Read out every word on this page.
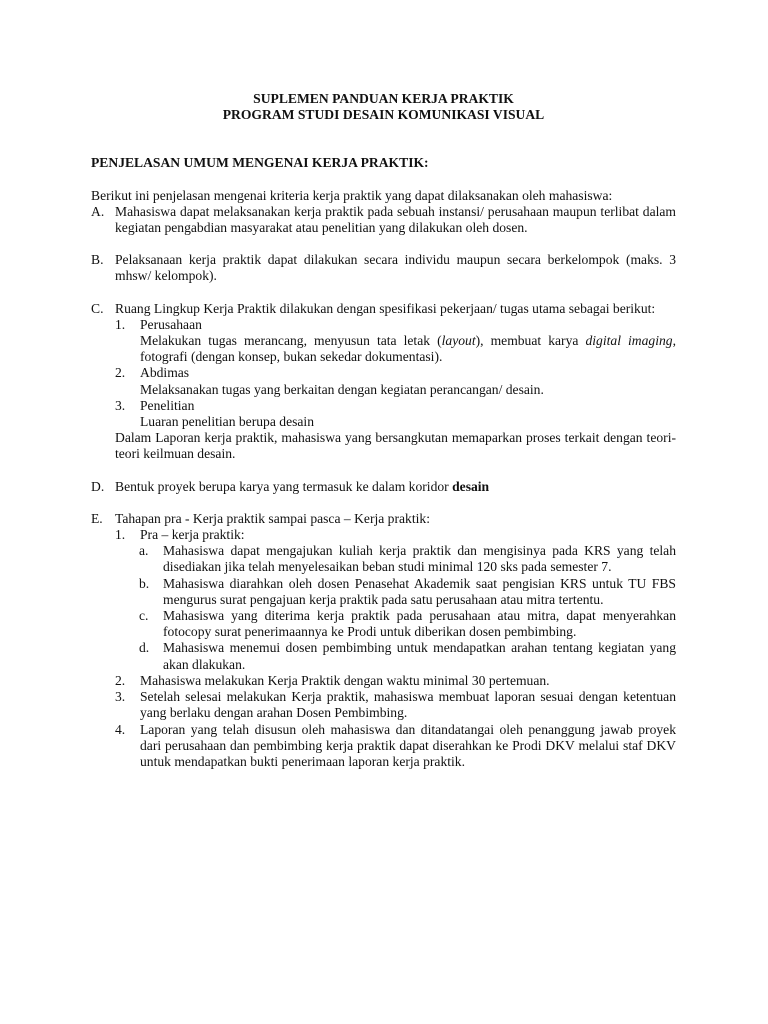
SUPLEMEN PANDUAN KERJA PRAKTIK

PROGRAM STUDI DESAIN KOMUNIKASI VISUAL

PENJELASAN UMUM MENGENAI KERJA PRAKTIK:

Berikut ini penjelasan mengenai kriteria kerja praktik yang dapat dilaksanakan oleh mahasiswa:

A. Mahasiswa dapat melaksanakan kerja praktik pada sebuah instansi/ perusahaan maupun terlibat dalam kegiatan pengabdian masyarakat atau penelitian yang dilakukan oleh dosen.
B. Pelaksanaan kerja praktik dapat dilakukan secara individu maupun secara berkelompok (maks. 3 mhsw/ kelompok).
C. Ruang Lingkup Kerja Praktik dilakukan dengan spesifikasi pekerjaan/ tugas utama sebagai berikut:
1.	Perusahaan

Melakukan tugas merancang, menyusun tata letak (layout), membuat karya digital imaging, fotografi (dengan konsep, bukan sekedar dokumentasi).

2.	Abdimas

Melaksanakan tugas yang berkaitan dengan kegiatan perancangan/ desain.

3.	Penelitian

Luaran penelitian berupa desain

Dalam Laporan kerja praktik, mahasiswa yang bersangkutan memaparkan proses terkait dengan teori-teori keilmuan desain.

D. Bentuk proyek berupa karya yang termasuk ke dalam koridor desain
E. Tahapan pra - Kerja praktik sampai pasca – Kerja praktik:
1.	Pra – kerja praktik:
a.	Mahasiswa dapat mengajukan kuliah kerja praktik dan mengisinya pada KRS yang telah disediakan jika telah menyelesaikan beban studi minimal 120 sks pada semester 7.
b.	Mahasiswa diarahkan oleh dosen Penasehat Akademik saat pengisian KRS untuk TU FBS mengurus surat pengajuan kerja praktik pada satu perusahaan atau mitra tertentu.
c.	Mahasiswa yang diterima kerja praktik pada perusahaan atau mitra, dapat menyerahkan fotocopy surat penerimaannya ke Prodi untuk diberikan dosen pembimbing.
d.	Mahasiswa menemui dosen pembimbing untuk mendapatkan arahan tentang kegiatan yang akan dlakukan.
2.	Mahasiswa melakukan Kerja Praktik dengan waktu minimal 30 pertemuan.
3.	Setelah selesai melakukan Kerja praktik, mahasiswa membuat laporan sesuai dengan ketentuan yang berlaku dengan arahan Dosen Pembimbing.
4.	Laporan yang telah disusun oleh mahasiswa dan ditandatangai oleh penanggung jawab proyek dari perusahaan dan pembimbing kerja praktik dapat diserahkan ke Prodi DKV melalui staf DKV untuk mendapatkan bukti penerimaan laporan kerja praktik.
